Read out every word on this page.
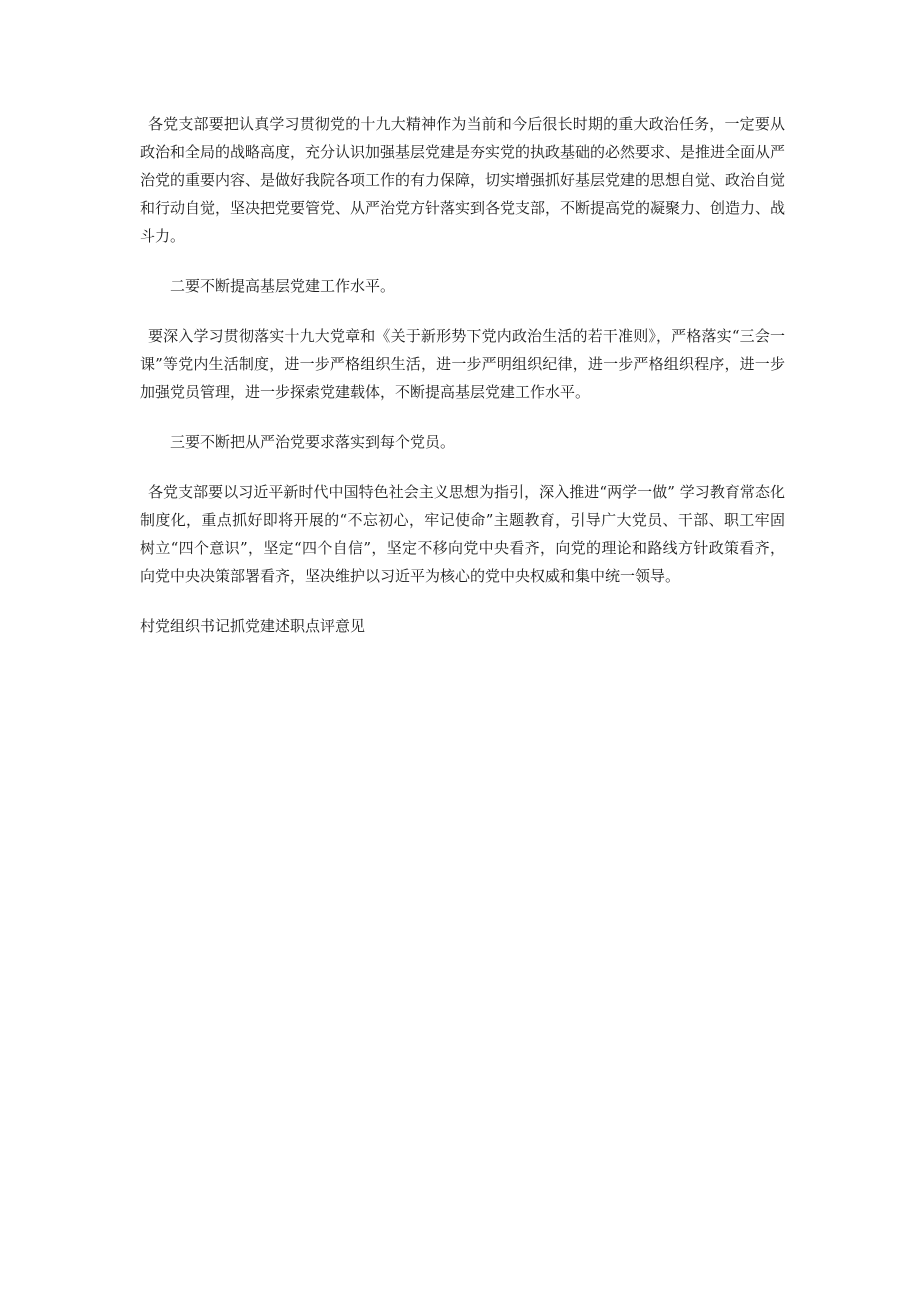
各党支部要把认真学习贯彻党的十九大精神作为当前和今后很长时期的重大政治任务，一定要从政治和全局的战略高度，充分认识加强基层党建是夯实党的执政基础的必然要求、是推进全面从严治党的重要内容、是做好我院各项工作的有力保障，切实增强抓好基层党建的思想自觉、政治自觉和行动自觉，坚决把党要管党、从严治党方针落实到各党支部，不断提高党的凝聚力、创造力、战斗力。

二要不断提高基层党建工作水平。

要深入学习贯彻落实十九大党章和《关于新形势下党内政治生活的若干准则》，严格落实“三会一课”等党内生活制度，进一步严格组织生活，进一步严明组织纪律，进一步严格组织程序，进一步加强党员管理，进一步探索党建载体，不断提高基层党建工作水平。

三要不断把从严治党要求落实到每个党员。

各党支部要以习近平新时代中国特色社会主义思想为指引，深入推进“两学一做” 学习教育常态化制度化，重点抓好即将开展的“不忘初心，牢记使命”主题教育，引导广大党员、干部、职工牢固树立“四个意识”，坚定“四个自信”，坚定不移向党中央看齐，向党的理论和路线方针政策看齐，向党中央决策部署看齐，坚决维护以习近平为核心的党中央权威和集中统一领导。

村党组织书记抓党建述职点评意见
